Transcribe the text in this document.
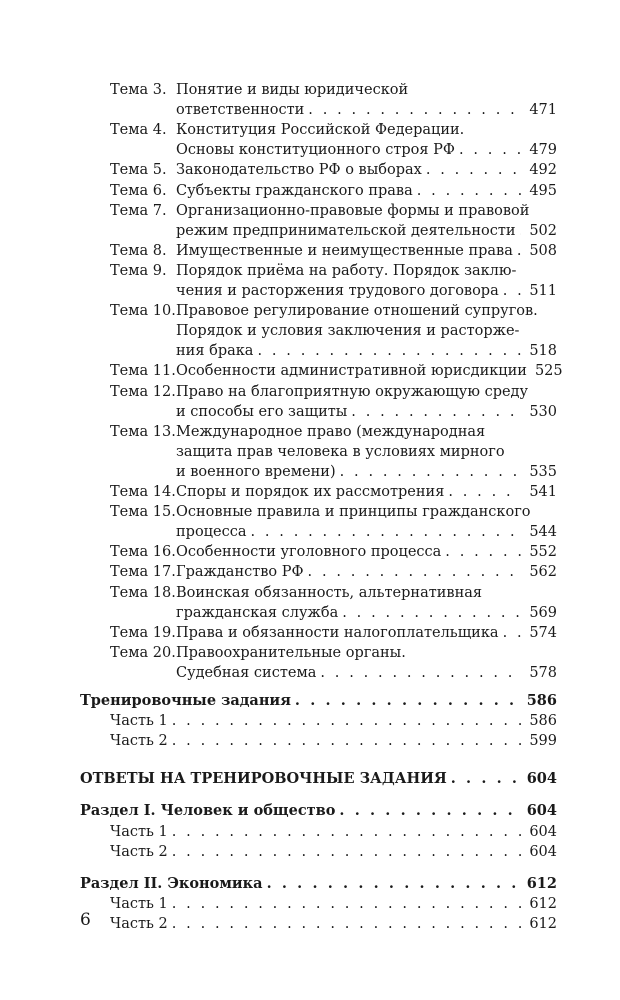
Тема 3. Понятие и виды юридической
ответственности . . .	471
Тема 4. Конституция Российской Федерации.
Основы конституционного строя РФ . . .	479
Тема 5. Законодательство РФ о выборах . . .	492
Тема 6. Субъекты гражданского права . . .	495
Тема 7. Организационно-правовые формы и правовой
режим предпринимательской деятельности . . . 502
Тема 8. Имущественные и неимущественные права . . . 508
Тема 9. Порядок приёма на работу. Порядок заклю-
чения и расторжения трудового договора . . . 511
Тема 10. Правовое регулирование отношений супругов.
Порядок и условия заключения и расторже-
ния брака . . .	518
Тема 11. Особенности административной юрисдикции 525
Тема 12. Право на благоприятную окружающую среду
и способы его защиты . . .	530
Тема 13. Международное право (международная
защита прав человека в условиях мирного
и военного времени) . . .	535
Тема 14. Споры и порядок их рассмотрения . . .	541
Тема 15. Основные правила и принципы гражданского
процесса . . .	544
Тема 16. Особенности уголовного процесса . . .	552
Тема 17. Гражданство РФ . . .	562
Тема 18. Воинская обязанность, альтернативная
гражданская служба . . .	569
Тема 19. Права и обязанности налогоплательщика . . . 574
Тема 20. Правоохранительные органы.
Судебная система . . .	578
Тренировочные задания . . .	586
Часть 1 . . .	586
Часть 2 . . .	599
ОТВЕТЫ НА ТРЕНИРОВОЧНЫЕ ЗАДАНИЯ . . .	604
Раздел I. Человек и общество . . .	604
Часть 1 . . .	604
Часть 2 . . .	604
Раздел II. Экономика . . .	612
Часть 1 . . .	612
Часть 2 . . .	612
6
